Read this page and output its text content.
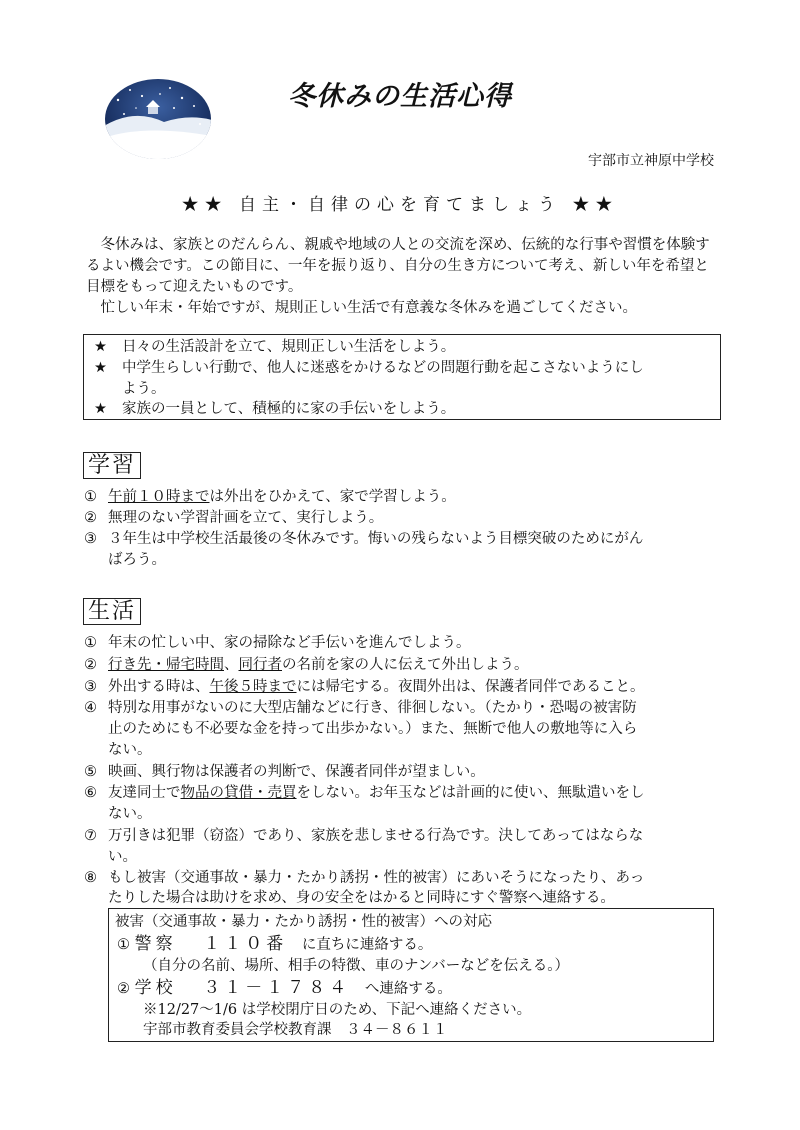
冬休みの生活心得
宇部市立神原中学校
★★ 自主・自律の心を育てましょう ★★
冬休みは、家族とのだんらん、親戚や地域の人との交流を深め、伝統的な行事や習慣を体験するよい機会です。この節目に、一年を振り返り、自分の生き方について考え、新しい年を希望と目標をもって迎えたいものです。
忙しい年末・年始ですが、規則正しい生活で有意義な冬休みを過ごしてください。
★ 日々の生活設計を立て、規則正しい生活をしよう。
★ 中学生らしい行動で、他人に迷惑をかけるなどの問題行動を起こさないようにし
よう。
★ 家族の一員として、積極的に家の手伝いをしよう。
学習
① 午前１０時までは外出をひかえて、家で学習しよう。
② 無理のない学習計画を立て、実行しよう。
③ ３年生は中学校生活最後の冬休みです。悔いの残らないよう目標突破のためにがん
ばろう。
生活
① 年末の忙しい中、家の掃除など手伝いを進んでしよう。
② 行き先・帰宅時間、同行者の名前を家の人に伝えて外出しよう。
③ 外出する時は、午後５時までには帰宅する。夜間外出は、保護者同伴であること。
④ 特別な用事がないのに大型店舗などに行き、徘徊しない。（たかり・恐喝の被害防
止のためにも不必要な金を持って出歩かない。）また、無断で他人の敷地等に入ら
ない。
⑤ 映画、興行物は保護者の判断で、保護者同伴が望ましい。
⑥ 友達同士で物品の貸借・売買をしない。お年玉などは計画的に使い、無駄遣いをし
ない。
⑦ 万引きは犯罪（窃盗）であり、家族を悲しませる行為です。決してあってはならな
い。
⑧ もし被害（交通事故・暴力・たかり誘拐・性的被害）にあいそうになったり、あっ
たりした場合は助けを求め、身の安全をはかると同時にすぐ警察へ連絡する。
被害（交通事故・暴力・たかり誘拐・性的被害）への対応
① 警察 １１０番 に直ちに連絡する。
（自分の名前、場所、相手の特徴、車のナンバーなどを伝える。）
② 学校 ３１－１７８４ へ連絡する。
※12/27～1/6 は学校閉庁日のため、下記へ連絡ください。
宇部市教育委員会学校教育課　３４－８６１１
